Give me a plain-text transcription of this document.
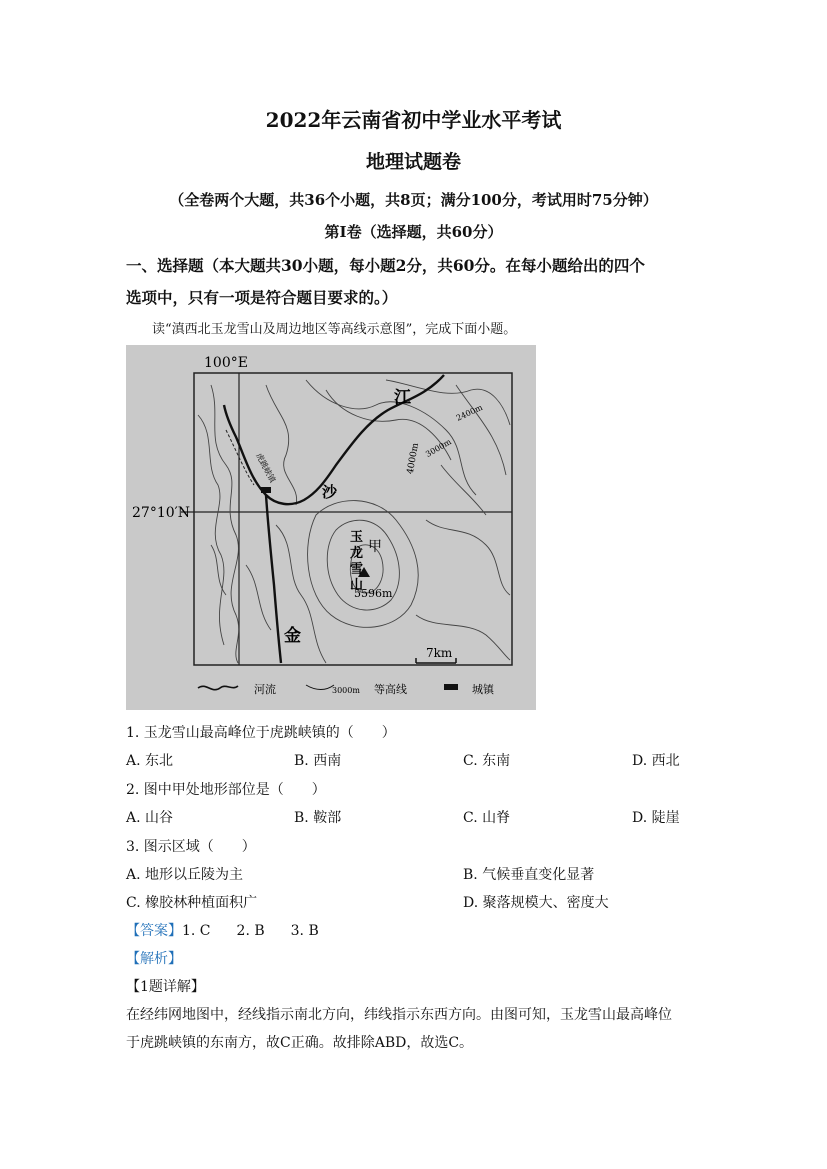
2022年云南省初中学业水平考试
地理试题卷
（全卷两个大题，共36个小题，共8页；满分100分，考试用时75分钟）
第Ⅰ卷（选择题，共60分）
一、选择题（本大题共30小题，每小题2分，共60分。在每小题给出的四个
选项中，只有一项是符合题目要求的。）
读“滇西北玉龙雪山及周边地区等高线示意图”，完成下面小题。
100°E
27°10′N
江
沙
金
甲
5596m
4000m
2400m
3000m
7km
玉龙雪山
虎跳峡镇
河流	3000m 等高线	城镇
1. 玉龙雪山最高峰位于虎跳峡镇的（　　）
A. 东北	B. 西南	C. 东南	D. 西北
2. 图中甲处地形部位是（　　）
A. 山谷	B. 鞍部	C. 山脊	D. 陡崖
3. 图示区域（　　）
A. 地形以丘陵为主	B. 气候垂直变化显著
C. 橡胶林种植面积广	D. 聚落规模大、密度大
【答案】1. C 2. B 3. B
【解析】
【1题详解】
在经纬网地图中，经线指示南北方向，纬线指示东西方向。由图可知，玉龙雪山最高峰位
于虎跳峡镇的东南方，故C正确。故排除ABD，故选C。
